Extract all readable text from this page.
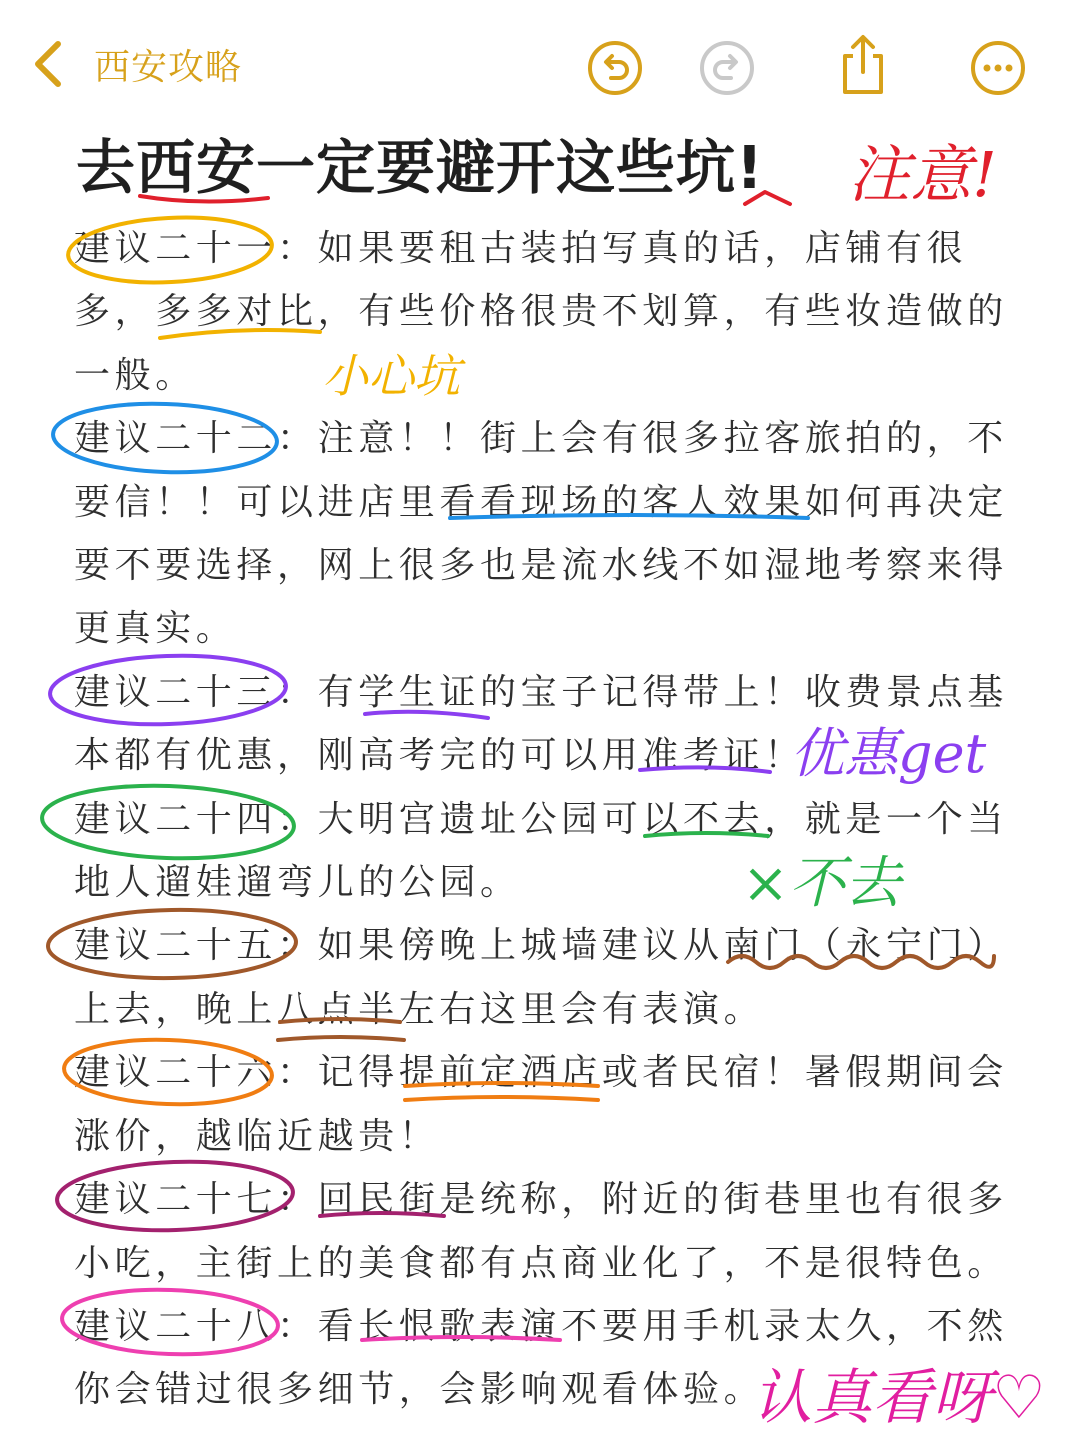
西安攻略
去西安一定要避开这些坑!

建议二十一：如果要租古装拍写真的话，店铺有很多，多多对比，有些价格很贵不划算，有些妆造做的一般。

建议二十二：注意！！街上会有很多拉客旅拍的，不要信！！可以进店里看看现场的客人效果如何再决定要不要选择，网上很多也是流水线不如湿地考察来得更真实。

建议二十三：有学生证的宝子记得带上！收费景点基本都有优惠，刚高考完的可以用准考证！

建议二十四：大明宫遗址公园可以不去，就是一个当地人遛娃遛弯儿的公园。

建议二十五：如果傍晚上城墙建议从南门（永宁门）上去，晚上八点半左右这里会有表演。

建议二十六：记得提前定酒店或者民宿！暑假期间会涨价，越临近越贵！

建议二十七：回民街是统称，附近的街巷里也有很多小吃，主街上的美食都有点商业化了，不是很特色。

建议二十八：看长恨歌表演不要用手机录太久，不然你会错过很多细节，会影响观看体验。

注意!
小心坑
优惠get
×不去
认真看呀♡
